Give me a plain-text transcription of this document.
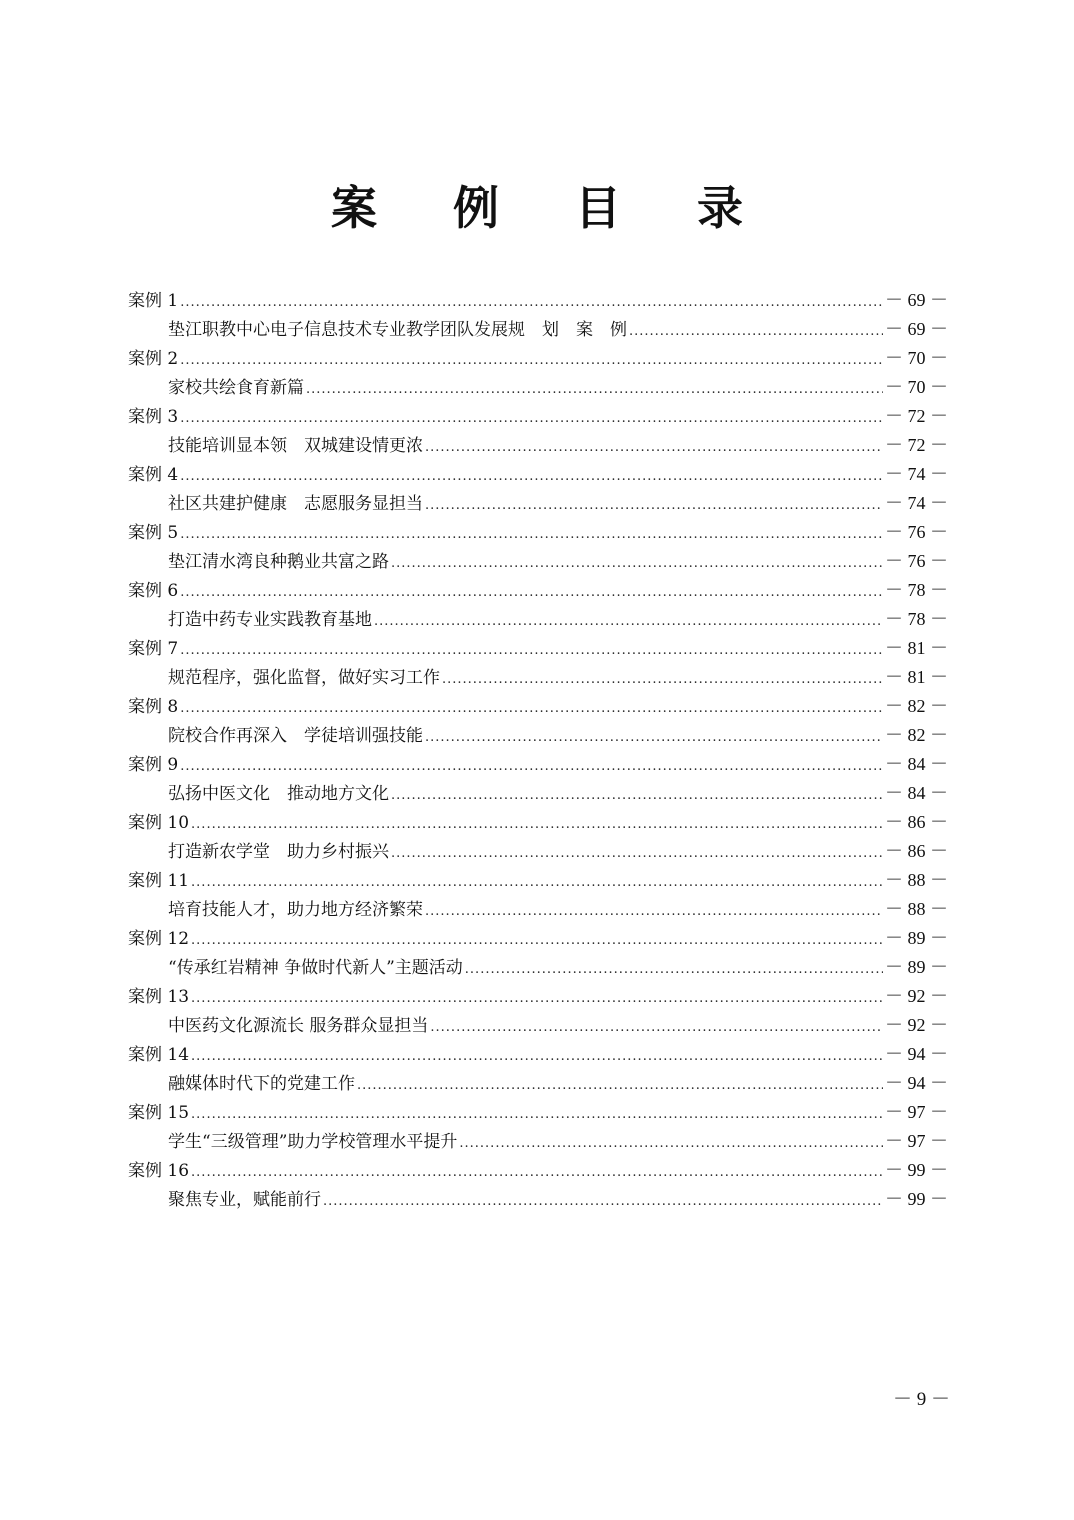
案 例 目 录
案例 1 .....	－ 69 －
垫江职教中心电子信息技术专业教学团队发展规　划　案　例 .....	－ 69 －
案例 2 .....	－ 70 －
家校共绘食育新篇 .....	－ 70 －
案例 3 .....	－ 72 －
技能培训显本领　双城建设情更浓 .....	－ 72 －
案例 4 .....	－ 74 －
社区共建护健康　志愿服务显担当 .....	－ 74 －
案例 5 .....	－ 76 －
垫江清水湾良种鹅业共富之路 .....	－ 76 －
案例 6 .....	－ 78 －
打造中药专业实践教育基地 .....	－ 78 －
案例 7 .....	－ 81 －
规范程序，强化监督，做好实习工作 .....	－ 81 －
案例 8 .....	－ 82 －
院校合作再深入　学徒培训强技能 .....	－ 82 －
案例 9 .....	－ 84 －
弘扬中医文化　推动地方文化 .....	－ 84 －
案例 10 .....	－ 86 －
打造新农学堂　助力乡村振兴 .....	－ 86 －
案例 11 .....	－ 88 －
培育技能人才，助力地方经济繁荣 .....	－ 88 －
案例 12 .....	－ 89 －
“传承红岩精神 争做时代新人”主题活动 .....	－ 89 －
案例 13 .....	－ 92 －
中医药文化源流长 服务群众显担当 .....	－ 92 －
案例 14 .....	－ 94 －
融媒体时代下的党建工作 .....	－ 94 －
案例 15 .....	－ 97 －
学生“三级管理”助力学校管理水平提升 .....	－ 97 －
案例 16 .....	－ 99 －
聚焦专业，赋能前行 .....	－ 99 －
－ 9 －
